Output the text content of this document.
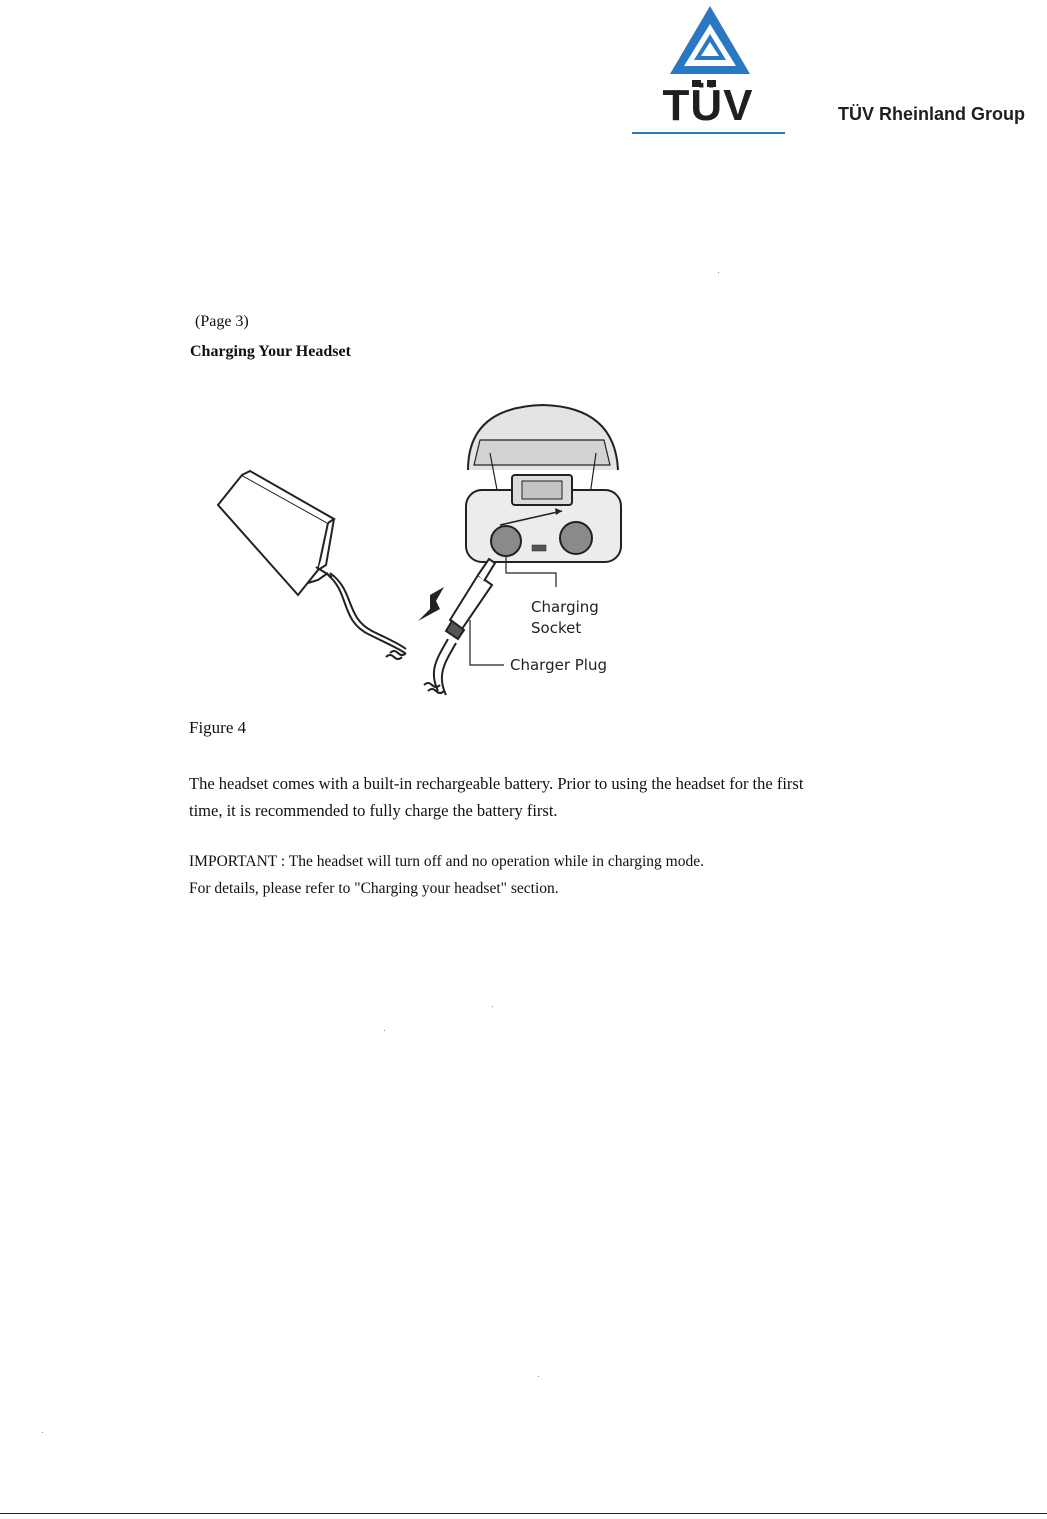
TÜV	TÜV Rheinland Group
(Page 3)
Charging Your Headset
Charging
Socket
Charger Plug
Figure 4
The headset comes with a built-in rechargeable battery. Prior to using the headset for the first time, it is recommended to fully charge the battery first.
IMPORTANT : The headset will turn off and no operation while in charging mode.
For details, please refer to "Charging your headset" section.
